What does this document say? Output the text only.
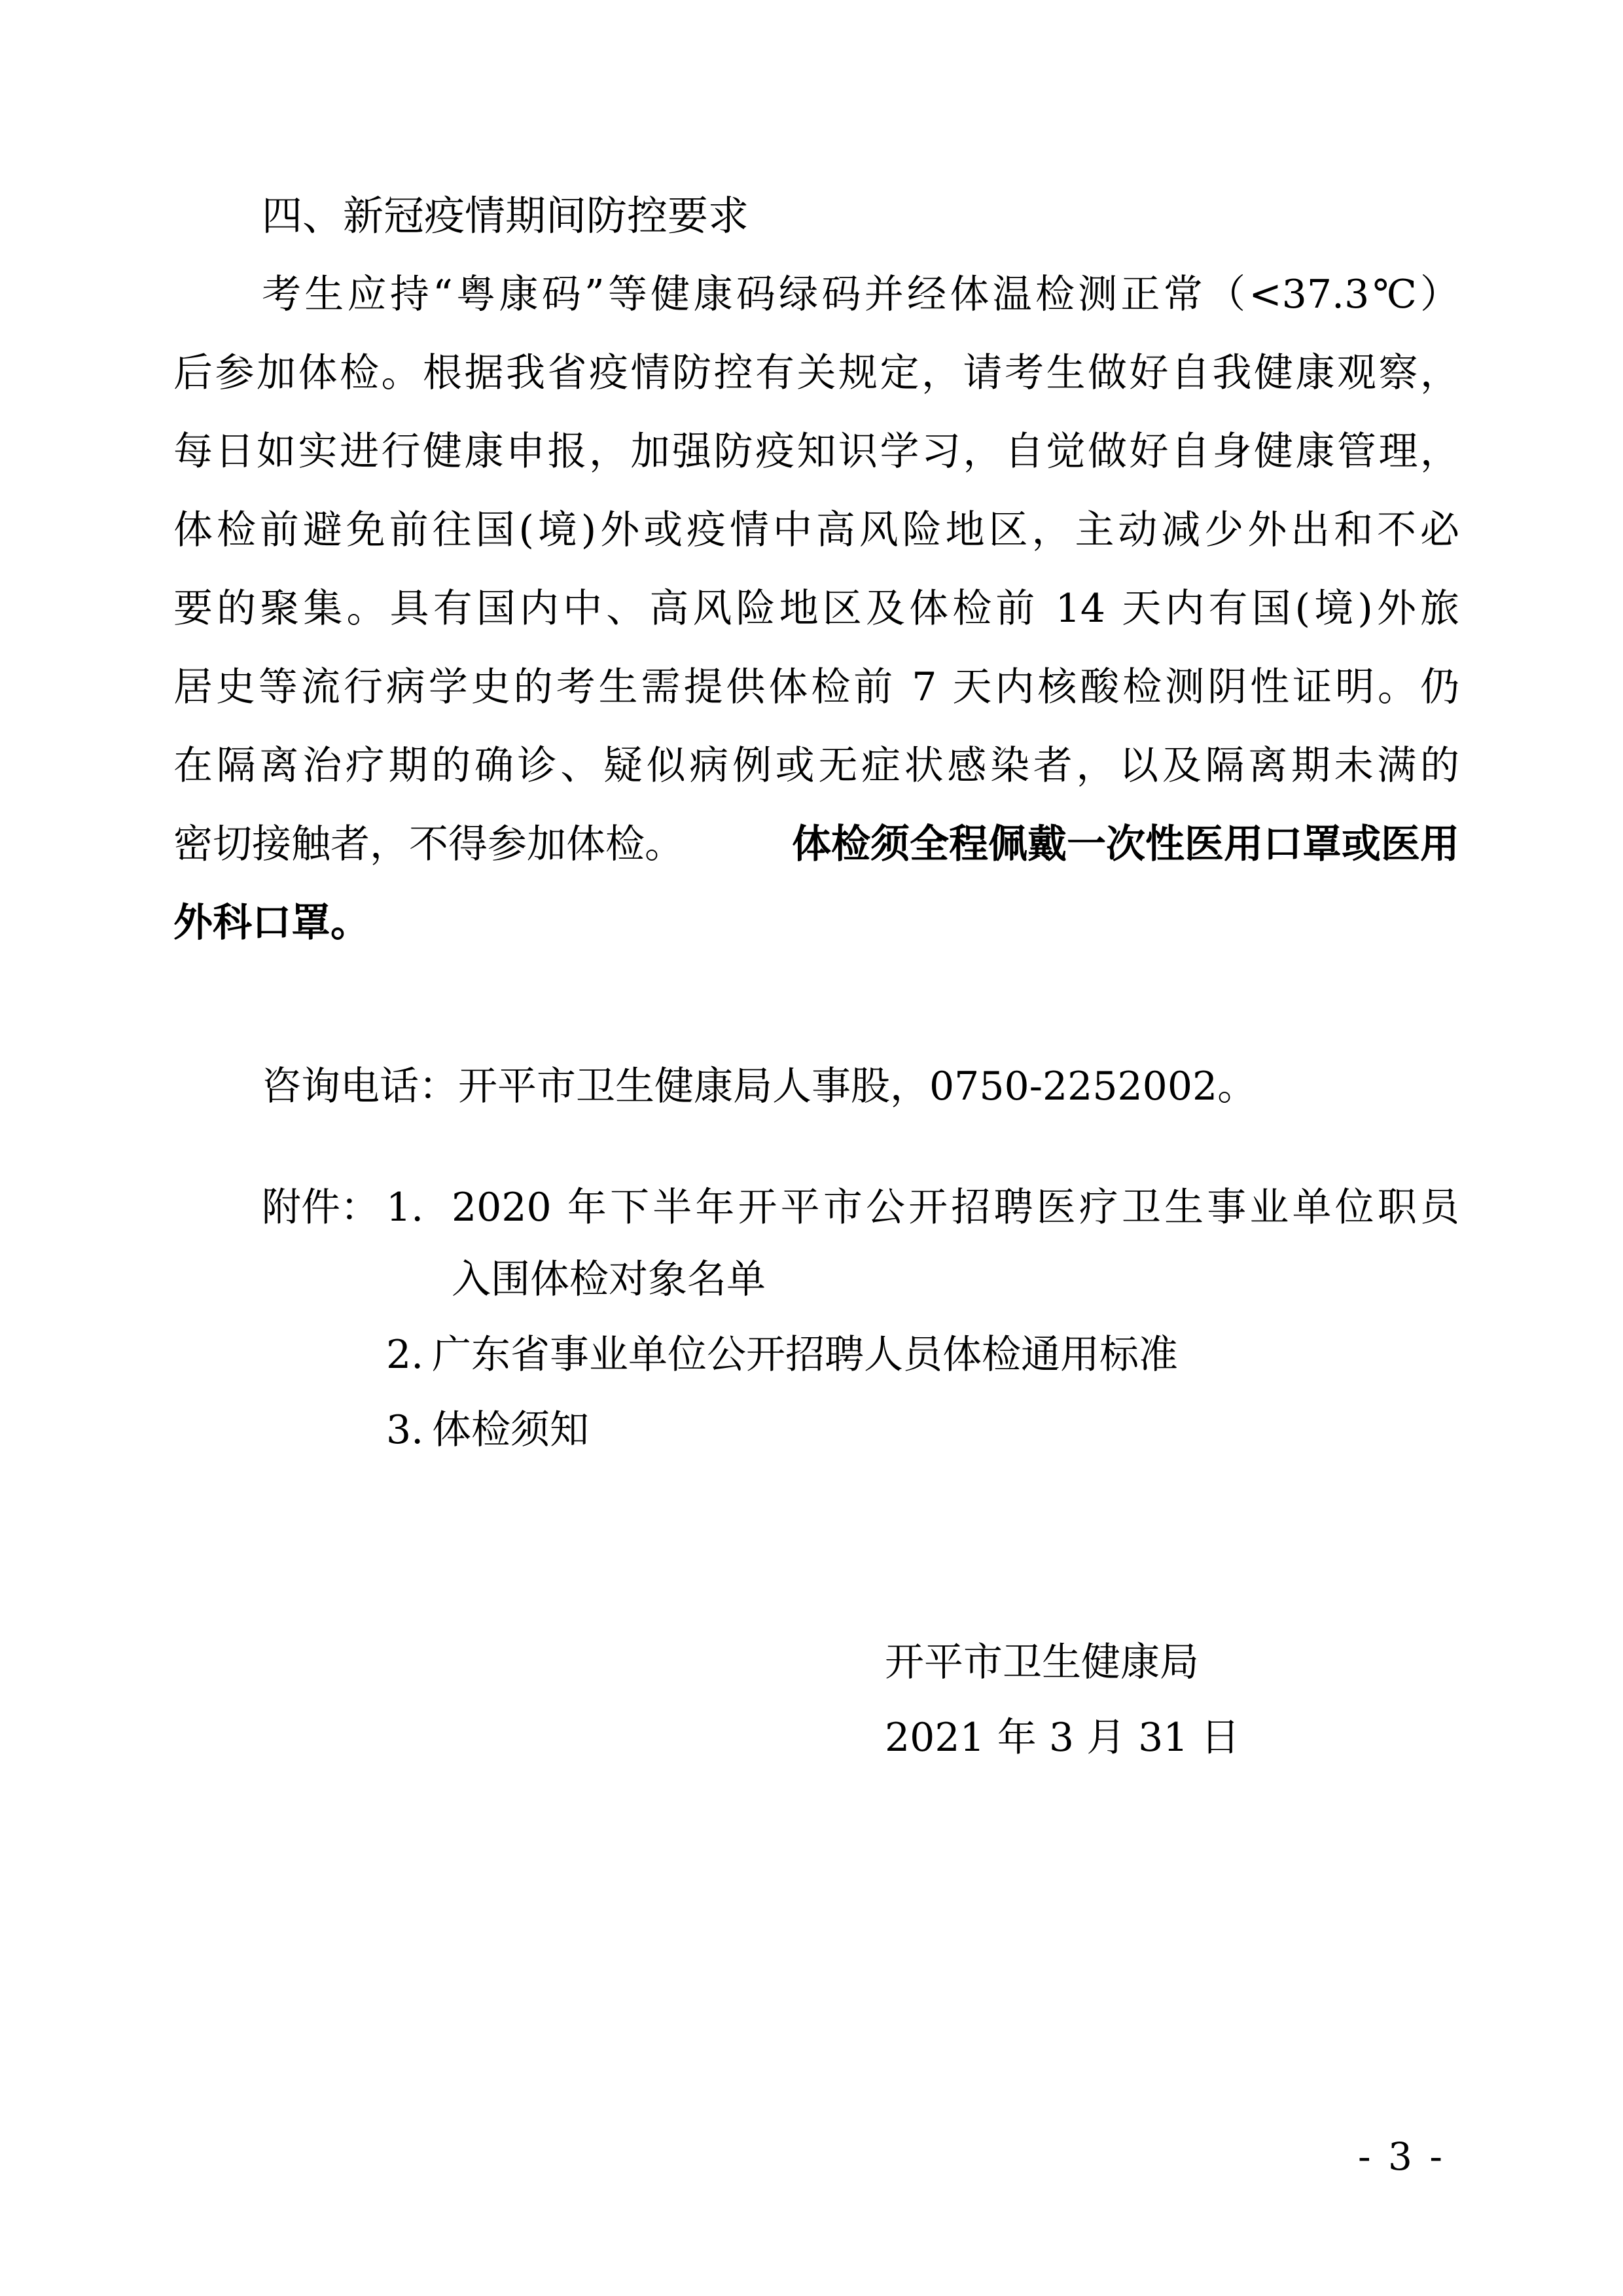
四、新冠疫情期间防控要求
考生应持“粤康码”等健康码绿码并经体温检测正常（<37.3℃）
后参加体检。根据我省疫情防控有关规定，请考生做好自我健康观察，
每日如实进行健康申报，加强防疫知识学习，自觉做好自身健康管理，
体检前避免前往国(境)外或疫情中高风险地区，主动减少外出和不必
要的聚集。具有国内中、高风险地区及体检前 14 天内有国(境)外旅
居史等流行病学史的考生需提供体检前 7 天内核酸检测阴性证明。仍
在隔离治疗期的确诊、疑似病例或无症状感染者，以及隔离期未满的
密切接触者，不得参加体检。	体检须全程佩戴一次性医用口罩或医用
外科口罩。
咨询电话：开平市卫生健康局人事股，0750-2252002。
附件： 1. 2020 年下半年开平市公开招聘医疗卫生事业单位职员
入围体检对象名单
2. 广东省事业单位公开招聘人员体检通用标准
3. 体检须知
开平市卫生健康局
2021 年 3 月 31 日
- 3 -
